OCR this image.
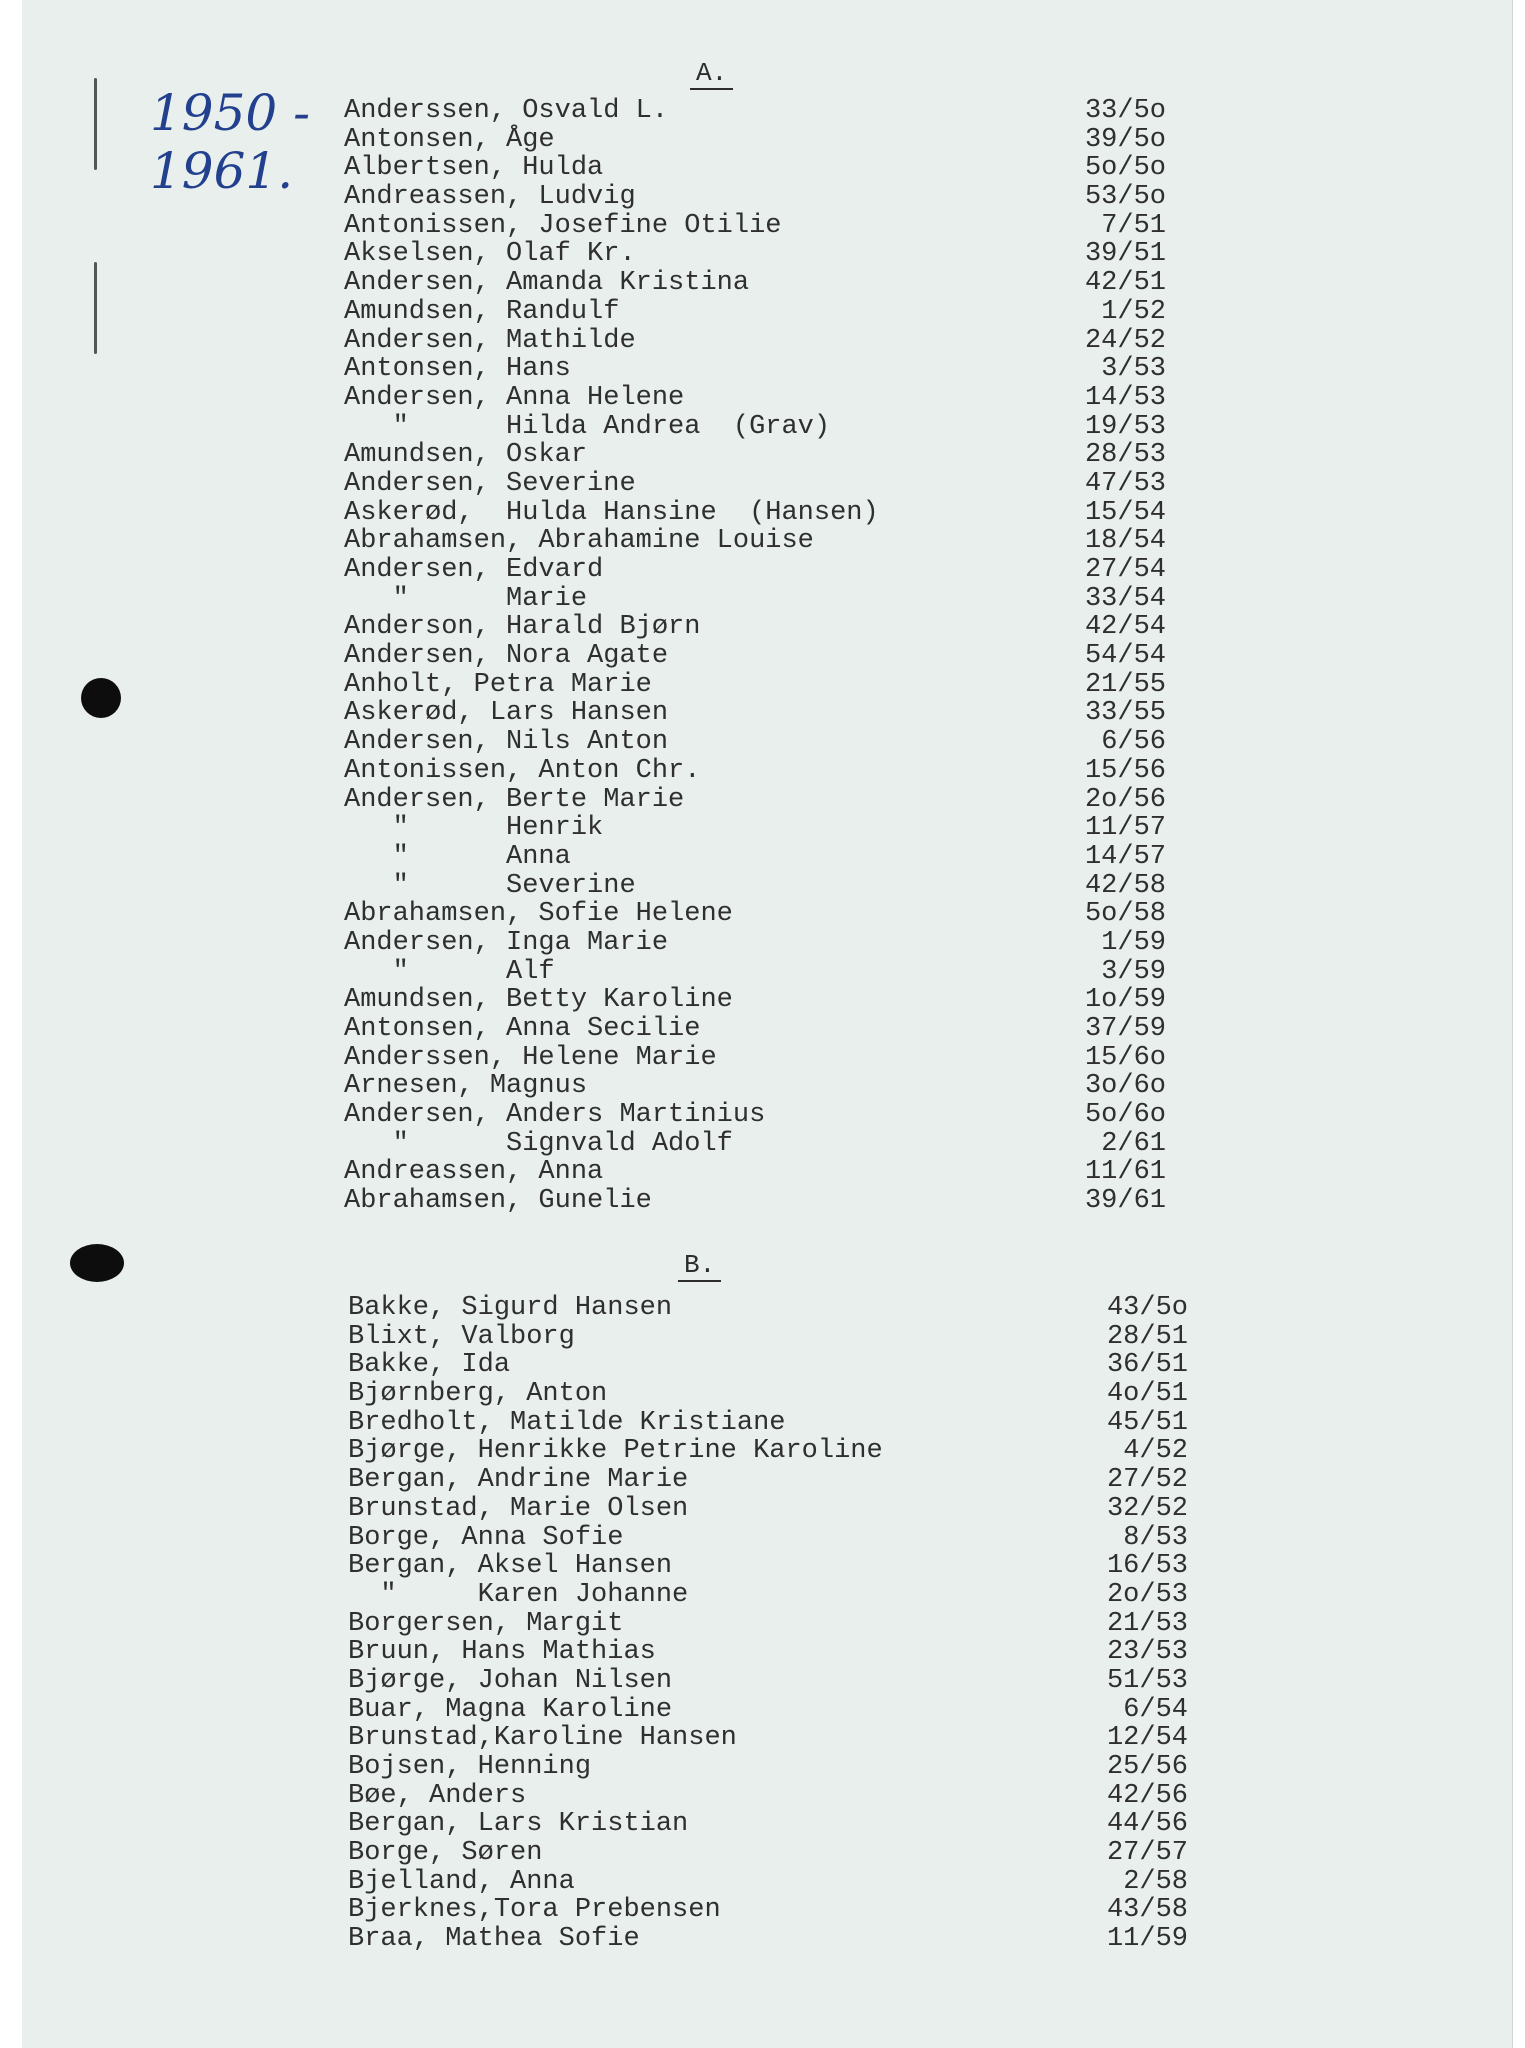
1950 -
1961.
A.
Anderssen, Osvald L.	33/5o
Antonsen, Åge	39/5o
Albertsen, Hulda	5o/5o
Andreassen, Ludvig	53/5o
Antonissen, Josefine Otilie	7/51
Akselsen, Olaf Kr.	39/51
Andersen, Amanda Kristina	42/51
Amundsen, Randulf	1/52
Andersen, Mathilde	24/52
Antonsen, Hans	3/53
Andersen, Anna Helene	14/53
"      Hilda Andrea  (Grav)	19/53
Amundsen, Oskar	28/53
Andersen, Severine	47/53
Askerød,  Hulda Hansine  (Hansen)	15/54
Abrahamsen, Abrahamine Louise	18/54
Andersen, Edvard	27/54
"      Marie	33/54
Anderson, Harald Bjørn	42/54
Andersen, Nora Agate	54/54
Anholt, Petra Marie	21/55
Askerød, Lars Hansen	33/55
Andersen, Nils Anton	6/56
Antonissen, Anton Chr.	15/56
Andersen, Berte Marie	2o/56
"      Henrik	11/57
"      Anna	14/57
"      Severine	42/58
Abrahamsen, Sofie Helene	5o/58
Andersen, Inga Marie	1/59
"      Alf	3/59
Amundsen, Betty Karoline	1o/59
Antonsen, Anna Secilie	37/59
Anderssen, Helene Marie	15/6o
Arnesen, Magnus	3o/6o
Andersen, Anders Martinius	5o/6o
"      Signvald Adolf	2/61
Andreassen, Anna	11/61
Abrahamsen, Gunelie	39/61
B.
Bakke, Sigurd Hansen	43/5o
Blixt, Valborg	28/51
Bakke, Ida	36/51
Bjørnberg, Anton	4o/51
Bredholt, Matilde Kristiane	45/51
Bjørge, Henrikke Petrine Karoline	4/52
Bergan, Andrine Marie	27/52
Brunstad, Marie Olsen	32/52
Borge, Anna Sofie	8/53
Bergan, Aksel Hansen	16/53
"     Karen Johanne	2o/53
Borgersen, Margit	21/53
Bruun, Hans Mathias	23/53
Bjørge, Johan Nilsen	51/53
Buar, Magna Karoline	6/54
Brunstad,Karoline Hansen	12/54
Bojsen, Henning	25/56
Bøe, Anders	42/56
Bergan, Lars Kristian	44/56
Borge, Søren	27/57
Bjelland, Anna	2/58
Bjerknes,Tora Prebensen	43/58
Braa, Mathea Sofie	11/59
